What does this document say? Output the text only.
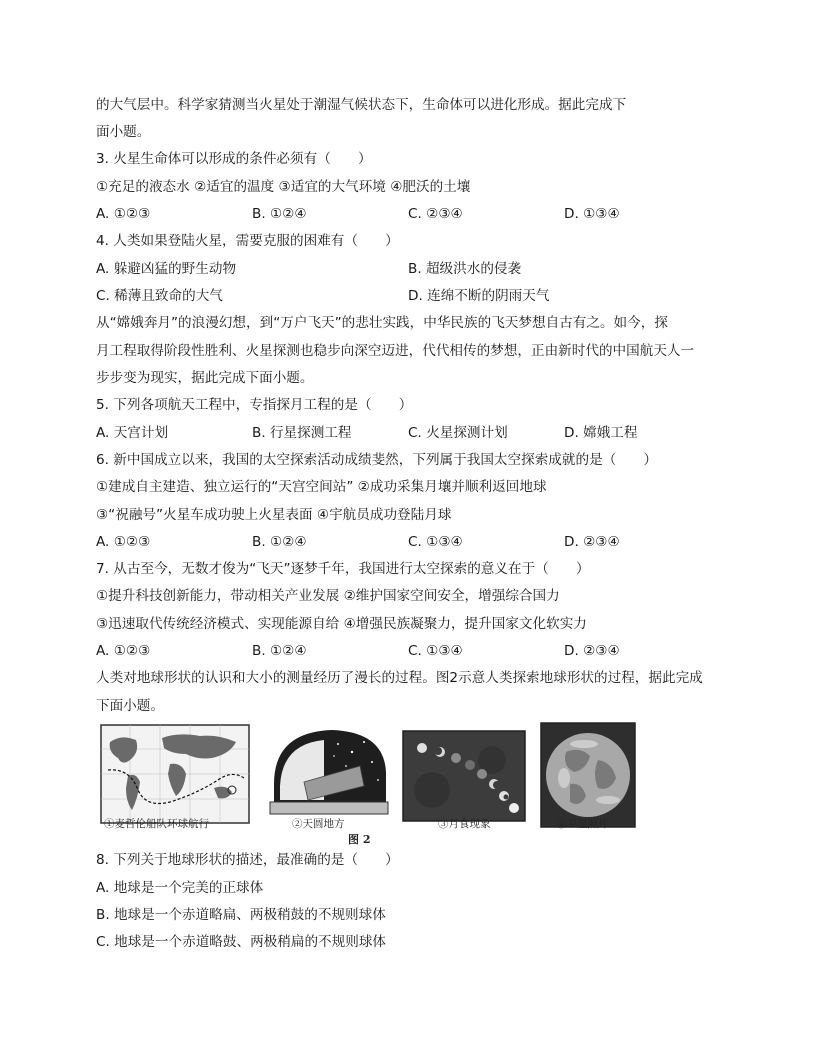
的大气层中。科学家猜测当火星处于潮湿气候状态下，生命体可以进化形成。据此完成下
面小题。
3. 火星生命体可以形成的条件必须有（　　）
①充足的液态水 ②适宜的温度 ③适宜的大气环境 ④肥沃的土壤
A. ①②③	B. ①②④	C. ②③④	D. ①③④
4. 人类如果登陆火星，需要克服的困难有（　　）
A. 躲避凶猛的野生动物	B. 超级洪水的侵袭
C. 稀薄且致命的大气	D. 连绵不断的阴雨天气
从“嫦娥奔月”的浪漫幻想，到“万户飞天”的悲壮实践，中华民族的飞天梦想自古有之。如今，探
月工程取得阶段性胜利、火星探测也稳步向深空迈进，代代相传的梦想，正由新时代的中国航天人一
步步变为现实，据此完成下面小题。
5. 下列各项航天工程中，专指探月工程的是（　　）
A. 天宫计划	B. 行星探测工程	C. 火星探测计划	D. 嫦娥工程
6. 新中国成立以来，我国的太空探索活动成绩斐然，下列属于我国太空探索成就的是（　　）
①建成自主建造、独立运行的“天宫空间站” ②成功采集月壤并顺利返回地球
③“祝融号”火星车成功驶上火星表面 ④宇航员成功登陆月球
A. ①②③	B. ①②④	C. ①③④	D. ②③④
7. 从古至今，无数才俊为“飞天”逐梦千年，我国进行太空探索的意义在于（　　）
①提升科技创新能力，带动相关产业发展 ②维护国家空间安全，增强综合国力
③迅速取代传统经济模式、实现能源自给 ④增强民族凝聚力，提升国家文化软实力
A. ①②③	B. ①②④	C. ①③④	D. ②③④
人类对地球形状的认识和大小的测量经历了漫长的过程。图2示意人类探索地球形状的过程，据此完成
下面小题。
①麦哲伦船队环球航行	②天圆地方	③月食现象	④卫星照片
图 2
8. 下列关于地球形状的描述，最准确的是（　　）
A. 地球是一个完美的正球体
B. 地球是一个赤道略扁、两极稍鼓的不规则球体
C. 地球是一个赤道略鼓、两极稍扁的不规则球体
